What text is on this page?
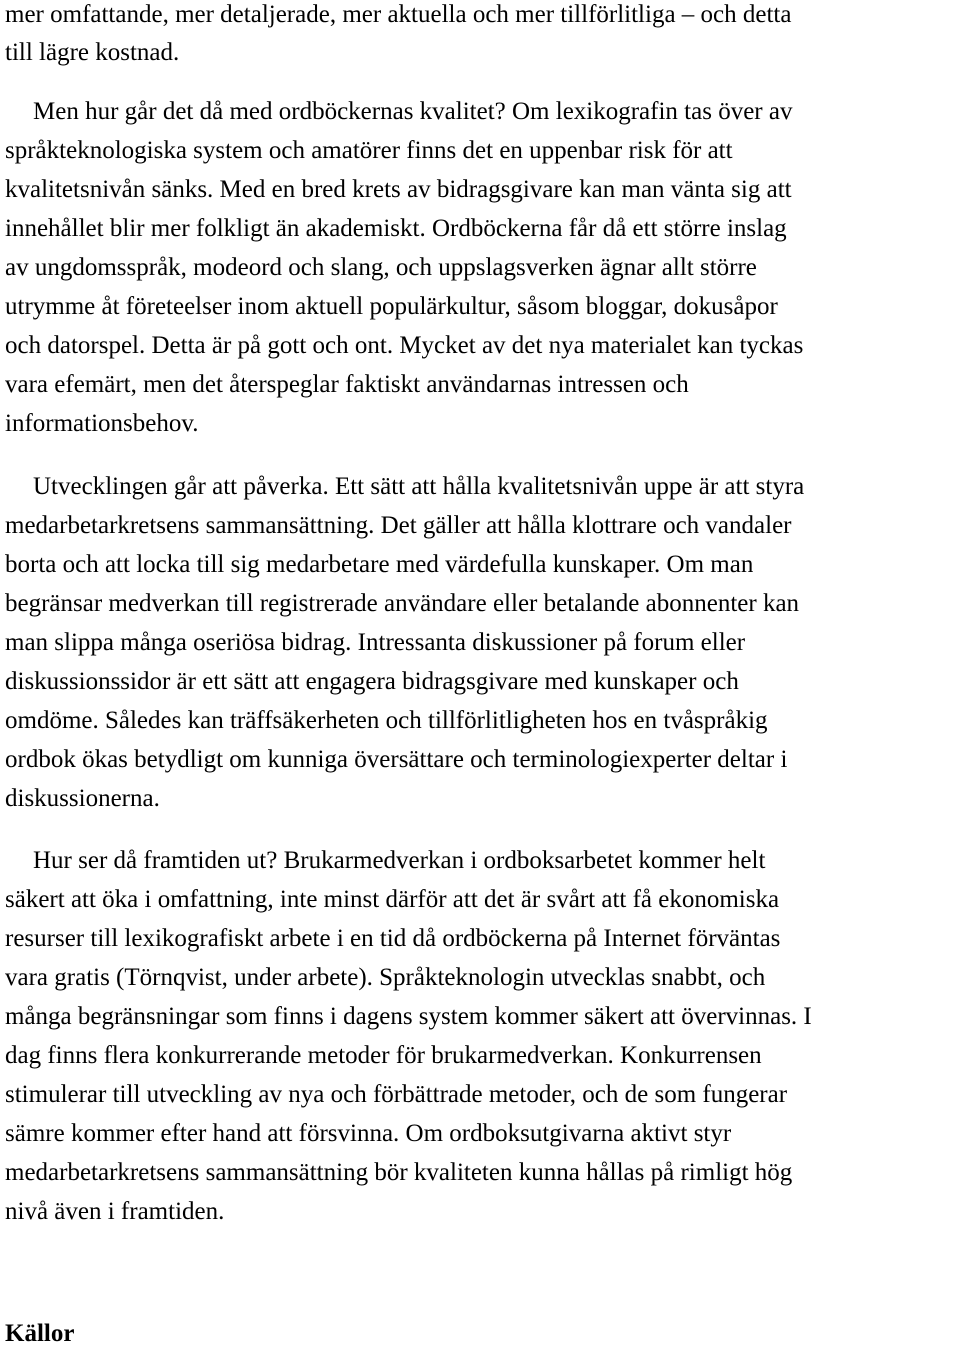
mer omfattande, mer detaljerade, mer aktuella och mer tillförlitliga – och detta
till lägre kostnad.
Men hur går det då med ordböckernas kvalitet? Om lexikografin tas över av
språkteknologiska system och amatörer finns det en uppenbar risk för att
kvalitetsnivån sänks. Med en bred krets av bidragsgivare kan man vänta sig att
innehållet blir mer folkligt än akademiskt. Ordböckerna får då ett större inslag
av ungdomsspråk, modeord och slang, och uppslagsverken ägnar allt större
utrymme åt företeelser inom aktuell populärkultur, såsom bloggar, dokusåpor
och datorspel. Detta är på gott och ont. Mycket av det nya materialet kan tyckas
vara efemärt, men det återspeglar faktiskt användarnas intressen och
informationsbehov.
Utvecklingen går att påverka. Ett sätt att hålla kvalitetsnivån uppe är att styra
medarbetarkretsens sammansättning. Det gäller att hålla klottrare och vandaler
borta och att locka till sig medarbetare med värdefulla kunskaper. Om man
begränsar medverkan till registrerade användare eller betalande abonnenter kan
man slippa många oseriösa bidrag. Intressanta diskussioner på forum eller
diskussionssidor är ett sätt att engagera bidragsgivare med kunskaper och
omdöme. Således kan träffsäkerheten och tillförlitligheten hos en tvåspråkig
ordbok ökas betydligt om kunniga översättare och terminologiexperter deltar i
diskussionerna.
Hur ser då framtiden ut? Brukarmedverkan i ordboksarbetet kommer helt
säkert att öka i omfattning, inte minst därför att det är svårt att få ekonomiska
resurser till lexikografiskt arbete i en tid då ordböckerna på Internet förväntas
vara gratis (Törnqvist, under arbete). Språkteknologin utvecklas snabbt, och
många begränsningar som finns i dagens system kommer säkert att övervinnas. I
dag finns flera konkurrerande metoder för brukarmedverkan. Konkurrensen
stimulerar till utveckling av nya och förbättrade metoder, och de som fungerar
sämre kommer efter hand att försvinna. Om ordboksutgivarna aktivt styr
medarbetarkretsens sammansättning bör kvaliteten kunna hållas på rimligt hög
nivå även i framtiden.
Källor
